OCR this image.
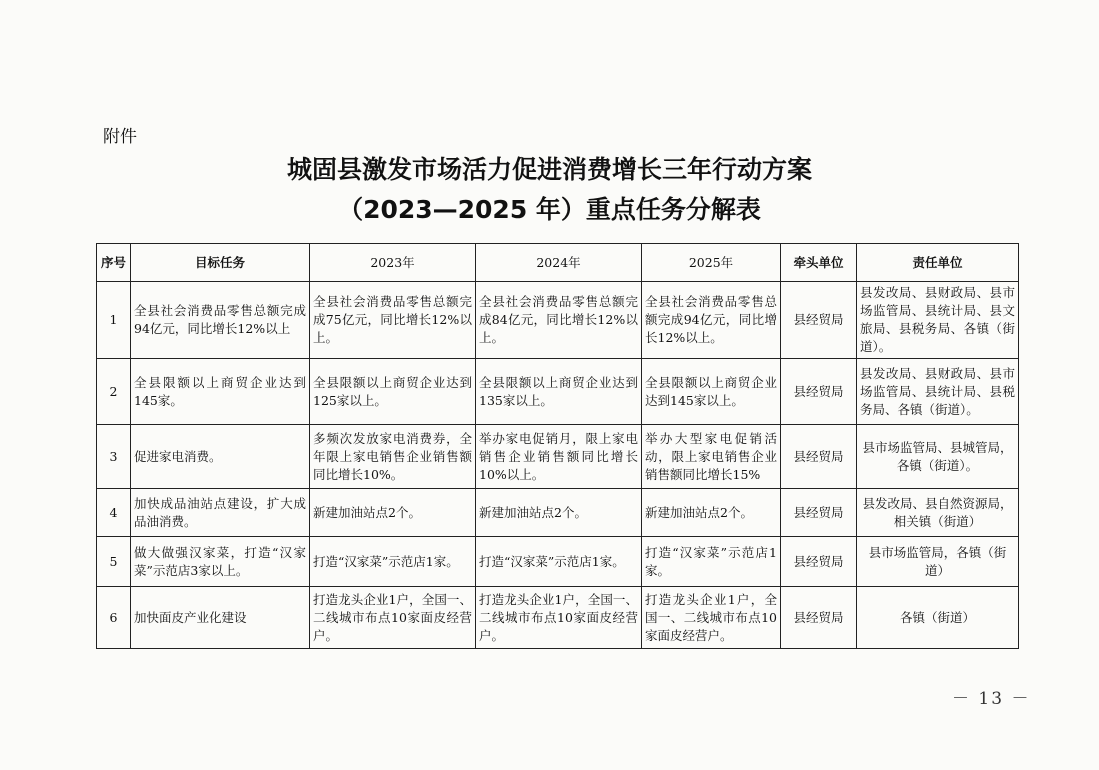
附件
城固县激发市场活力促进消费增长三年行动方案
（2023—2025 年）重点任务分解表
序号	目标任务	2023年	2024年	2025年	牵头单位	责任单位
1	全县社会消费品零售总额完成94亿元，同比增长12%以上	全县社会消费品零售总额完成75亿元，同比增长12%以上。	全县社会消费品零售总额完成84亿元，同比增长12%以上。	全县社会消费品零售总额完成94亿元，同比增长12%以上。	县经贸局	县发改局、县财政局、县市场监管局、县统计局、县文旅局、县税务局、各镇（街道）。
2	全县限额以上商贸企业达到145家。	全县限额以上商贸企业达到125家以上。	全县限额以上商贸企业达到135家以上。	全县限额以上商贸企业达到145家以上。	县经贸局	县发改局、县财政局、县市场监管局、县统计局、县税务局、各镇（街道）。
3	促进家电消费。	多频次发放家电消费券，全年限上家电销售企业销售额同比增长10%。	举办家电促销月，限上家电销售企业销售额同比增长10%以上。	举办大型家电促销活动，限上家电销售企业销售额同比增长15%	县经贸局	县市场监管局、县城管局，各镇（街道）。
4	加快成品油站点建设，扩大成品油消费。	新建加油站点2个。	新建加油站点2个。	新建加油站点2个。	县经贸局	县发改局、县自然资源局，相关镇（街道）
5	做大做强汉家菜，打造“汉家菜”示范店3家以上。	打造“汉家菜”示范店1家。	打造“汉家菜”示范店1家。	打造“汉家菜”示范店1家。	县经贸局	县市场监管局，各镇（街道）
6	加快面皮产业化建设	打造龙头企业1户，全国一、二线城市布点10家面皮经营户。	打造龙头企业1户，全国一、二线城市布点10家面皮经营户。	打造龙头企业1户，全国一、二线城市布点10家面皮经营户。	县经贸局	各镇（街道）
－ 13 －
